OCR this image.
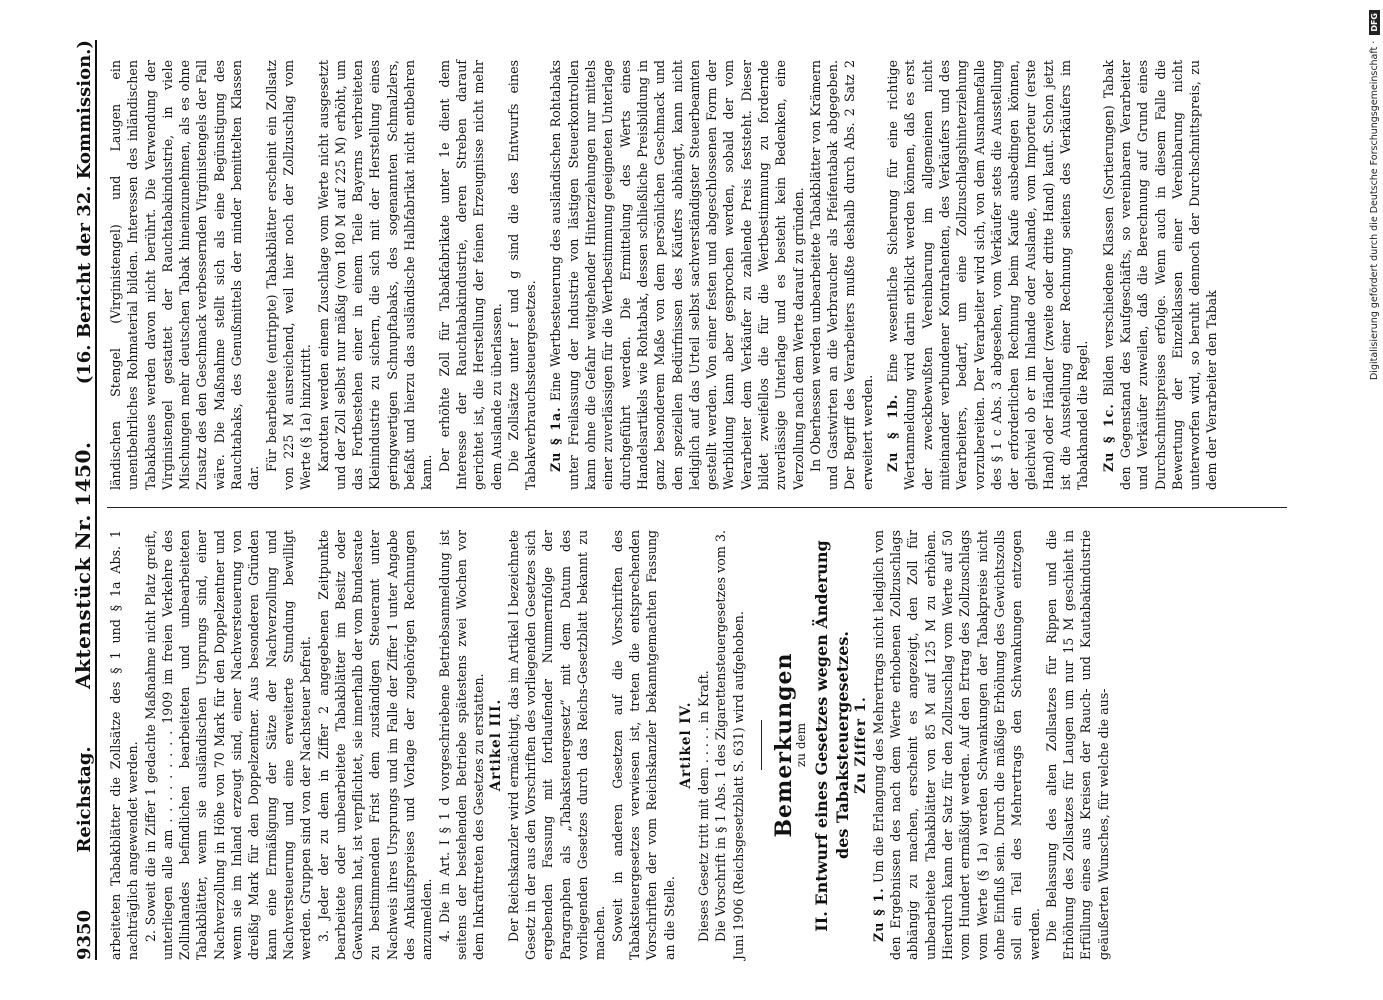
9350
Reichstag.
Aktenstück Nr. 1450.
(16. Bericht der 32. Kommission.)

arbeiteten Tabakblätter die Zollsätze des § 1 und § 1a Abs. 1 nachträglich angewendet werden. 2. Soweit die in Ziffer 1 gedachte Maßnahme nicht Platz greift, unterliegen alle am . . . . . . . . . 1909 im freien Verkehre des Zollinlandes befindlichen bearbeiteten und unbearbeiteten Tabakblätter, wenn sie ausländischen Ursprungs sind, einer Nachverzollung in Höhe von 70 Mark für den Doppelzentner und wenn sie im Inland erzeugt sind, einer Nachversteuerung von dreißig Mark für den Doppelzentner. Aus besonderen Gründen kann eine Ermäßigung der Sätze der Nachverzollung und Nachversteuerung und eine erweiterte Stundung bewilligt werden. Gruppen sind von der Nachsteuer befreit. 3. Jeder der zu dem in Ziffer 2 angegebenen Zeitpunkte bearbeitete oder unbearbeitete Tabakblätter im Besitz oder Gewahrsam hat, ist verpflichtet, sie innerhalb der vom Bundesrate zu bestimmenden Frist dem zuständigen Steueramt unter Nachweis ihres Ursprungs und im Falle der Ziffer 1 unter Angabe des Ankaufspreises und Vorlage der zugehörigen Rechnungen anzumelden. 4. Die in Art. I § 1 d vorgeschriebene Betriebsanmeldung ist seitens der bestehenden Betriebe spätestens zwei Wochen vor dem Inkrafttreten des Gesetzes zu erstatten. Artikel III. Der Reichskanzler wird ermächtigt, das im Artikel I bezeichnete Gesetz in der aus den Vorschriften des vorliegenden Gesetzes sich ergebenden Fassung mit fortlaufender Nummernfolge der Paragraphen als „Tabaksteuergesetz“ mit dem Datum des vorliegenden Gesetzes durch das Reichs-Gesetzblatt bekannt zu machen. Soweit in anderen Gesetzen auf die Vorschriften des Tabaksteuergesetzes verwiesen ist, treten die entsprechenden Vorschriften der vom Reichskanzler bekanntgemachten Fassung an die Stelle.

Artikel IV. Dieses Gesetz tritt mit dem . . . . . in Kraft. Die Vorschrift in § 1 Abs. 1 des Zigarettensteuergesetzes vom 3. Juni 1906 (Reichsgesetzblatt S. 631) wird aufgehoben. Bemerkungen

zu dem II. Entwurf eines Gesetzes wegen Änderung des Tabaksteuergesetzes. Zu Ziffer 1.

Zu § 1. Um die Erlangung des Mehrertrags nicht lediglich von den Ergebnissen des nach dem Werte erhobenen Zollzuschlags abhängig zu machen, erscheint es angezeigt, den Zoll für unbearbeitete Tabakblätter von 85 M auf 125 M zu erhöhen. Hierdurch kann der Satz für den Zollzuschlag vom Werte auf 50 vom Hundert ermäßigt werden. Auf den Ertrag des Zollzuschlags vom Werte (§ 1a) werden Schwankungen der Tabakpreise nicht ohne Einfluß sein. Durch die mäßige Erhöhung des Gewichtszolls soll ein Teil des Mehrertrags den Schwankungen entzogen werden. Die Belassung des alten Zollsatzes für Rippen und die Erhöhung des Zollsatzes für Laugen um nur 15 M geschieht in Erfüllung eines aus Kreisen der Rauch- und Kautabakindustrie geäußerten Wunsches, für welche die aus-

ländischen Stengel (Virginistengel) und Laugen ein unentbehrliches Rohmaterial bilden. Interessen des inländischen Tabakbaues werden davon nicht berührt. Die Verwendung der Virginistengel gestattet der Rauchtabakindustrie, in viele Mischungen mehr deutschen Tabak hineinzunehmen, als es ohne Zusatz des den Geschmack verbessernden Virginistengels der Fall wäre. Die Maßnahme stellt sich als eine Begünstigung des Rauchtabaks, des Genußmittels der minder bemittelten Klassen dar.

Für bearbeitete (entrippte) Tabakblätter erscheint ein Zollsatz von 225 M ausreichend, weil hier noch der Zollzuschlag vom Werte (§ 1a) hinzutritt. Karotten werden einem Zuschlage vom Werte nicht ausgesetzt und der Zoll selbst nur mäßig (von 180 M auf 225 M) erhöht, um das Fortbestehen einer in einem Teile Bayerns verbreiteten Kleinindustrie zu sichern, die sich mit der Herstellung eines geringwertigen Schnupftabaks, des sogenannten Schmalzlers, befaßt und hierzu das ausländische Halbfabrikat nicht entbehren kann.

Der erhöhte Zoll für Tabakfabrikate unter 1e dient dem Interesse der Rauchtabakindustrie, deren Streben darauf gerichtet ist, die Herstellung der feinen Erzeugnisse nicht mehr dem Auslande zu überlassen. Die Zollsätze unter f und g sind die des Entwurfs eines Tabakverbrauchssteuergesetzes. Zu § 1a. Eine Wertbesteuerung des ausländischen Rohtabaks unter Freilassung der Industrie von lästigen Steuerkontrollen kann ohne die Gefahr weitgehender Hinterziehungen nur mittels einer zuverlässigen für die Wertbestimmung geeigneten Unterlage durchgeführt werden. Die Ermittelung des Werts eines Handelsartikels wie Rohtabak, dessen schließliche Preisbildung in ganz besonderem Maße von dem persönlichen Geschmack und den speziellen Bedürfnissen des Käufers abhängt, kann nicht lediglich auf das Urteil selbst sachverständigster Steuerbeamten gestellt werden. Von einer festen und abgeschlossenen Form der Werbildung kann aber gesprochen werden, sobald der vom Verarbeiter dem Verkäufer zu zahlende Preis feststeht. Dieser bildet zweifellos die für die Wertbestimmung zu fordernde zuverlässige Unterlage und es besteht kein Bedenken, eine Verzollung nach dem Werte darauf zu gründen. In Oberhessen werden unbearbeitete Tabakblätter von Krämern und Gastwirten an die Verbraucher als Pfeifentabak abgegeben. Der Begriff des Verarbeiters mußte deshalb durch Abs. 2 Satz 2 erweitert werden. Zu § 1b. Eine wesentliche Sicherung für eine richtige Wertanmeldung wird darin erblickt werden können, daß es erst der zweckbewußten Vereinbarung im allgemeinen nicht miteinander verbundener Kontrahenten, des Verkäufers und des Verarbeiters, bedarf, um eine Zollzuschlagshinterziehung vorzubereiten. Der Verarbeiter wird sich, von dem Ausnahmefalle des § 1 c Abs. 3 abgesehen, vom Verkäufer stets die Ausstellung der erforderlichen Rechnung beim Kaufe ausbedingen können, gleichviel ob er im Inlande oder Auslande, vom Importeur (erste Hand) oder Händler (zweite oder dritte Hand) kauft. Schon jetzt ist die Ausstellung einer Rechnung seitens des Verkäufers im Tabakhandel die Regel. Zu § 1c. Bilden verschiedene Klassen (Sortierungen) Tabak den Gegenstand des Kaufgeschäfts, so vereinbaren Verarbeiter und Verkäufer zuweilen, daß die Berechnung auf Grund eines Durchschnittspreises erfolge. Wenn auch in diesem Falle die Bewertung der Einzelklassen einer Vereinbarung nicht unterworfen wird, so beruht dennoch der Durchschnittspreis, zu dem der Verarbeiter den Tabak

Digitalisierung gefördert durch die Deutsche Forschungsgemeinschaft ·
DFG
